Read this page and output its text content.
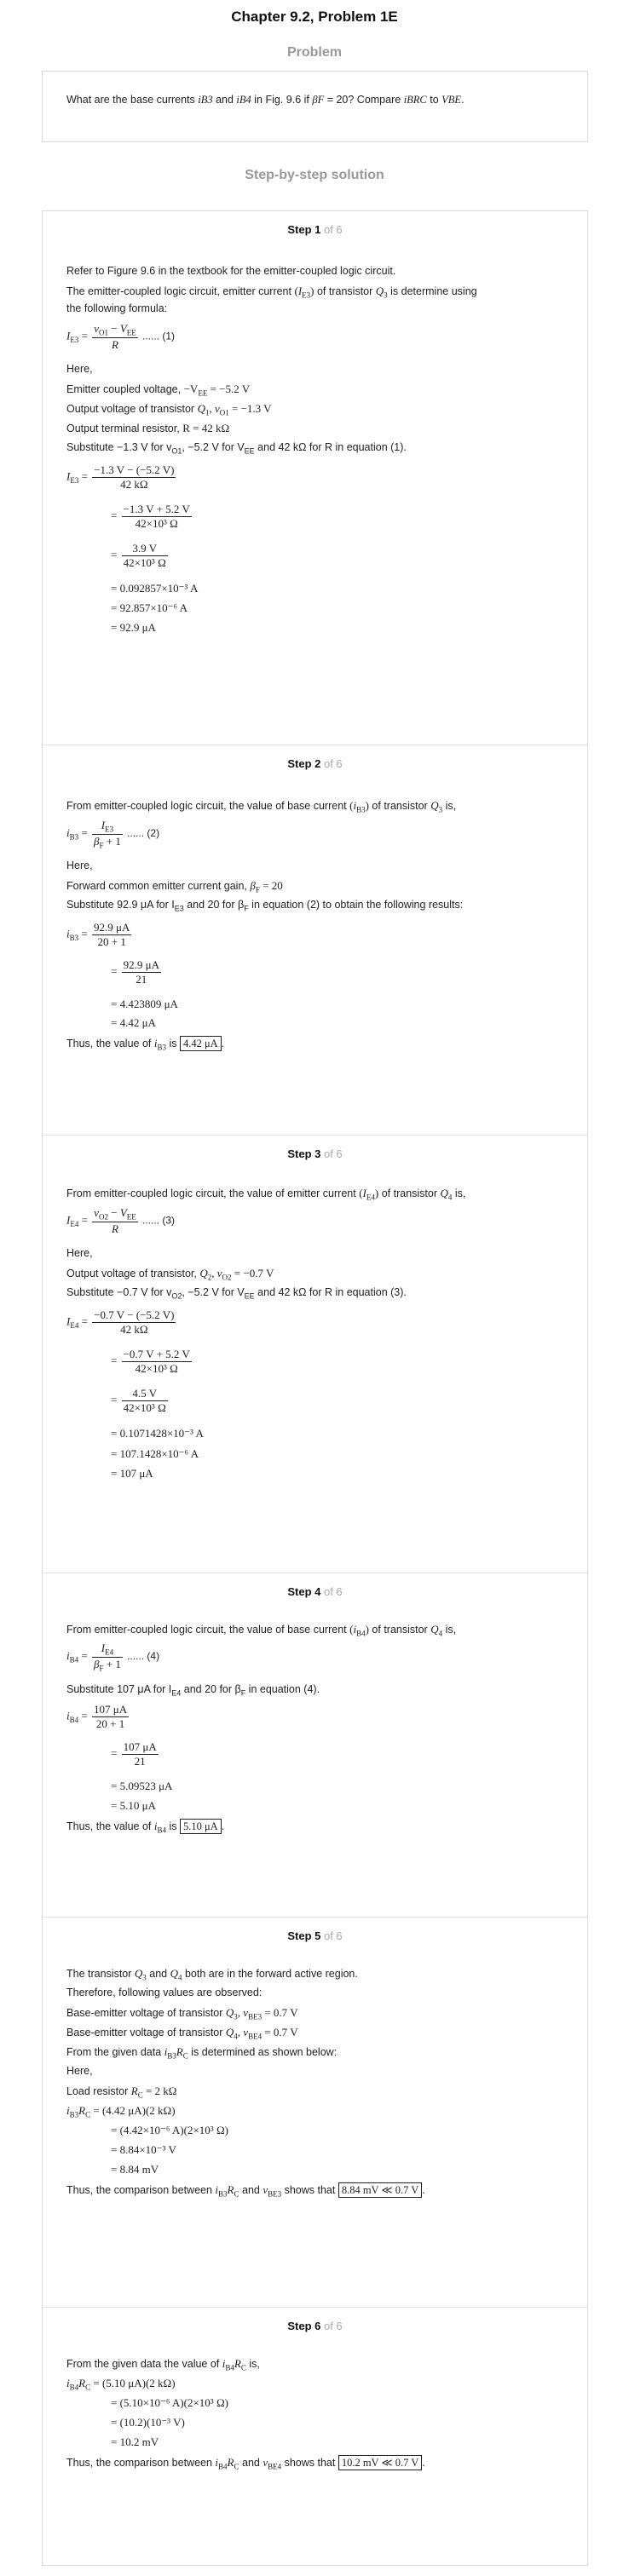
Chapter 9.2, Problem 1E
Problem
What are the base currents iB3 and iB4 in Fig. 9.6 if βF = 20? Compare iBRC to VBE.
Step-by-step solution
Step 1 of 6
Refer to Figure 9.6 in the textbook for the emitter-coupled logic circuit.
The emitter-coupled logic circuit, emitter current $(I_{E3})$ of transistor $Q_3$ is determine using
the following formula:
$I_{E3} = \frac{v_{O1} - V_{EE}}{R}$ ...... (1)
Here,
Emitter coupled voltage, $-V_{EE} = -5.2$ V
Output voltage of transistor $Q_1$, $v_{O1} = -1.3$ V
Output terminal resistor, R = 42 kΩ
Substitute −1.3 V for $v_{O1}$, −5.2 V for $V_{EE}$ and 42 kΩ for R in equation (1).
$I_{E3} = \frac{-1.3 V - (-5.2 V)}{42 k\Omega}$
= $\frac{-1.3 V + 5.2 V}{\text{42×10³ Ω}}$
= $\frac{3.9 V}{\text{42×10³ Ω}}$
= 0.092857×10⁻³ A
= 92.857×10⁻⁶ A
= 92.9 μA
Step 2 of 6
From emitter-coupled logic circuit, the value of base current $(i_{B3})$ of transistor $Q_3$ is,
$i_{B3} = \frac{I_{E3}}{\beta_F + 1}$ ...... (2)
Here,
Forward common emitter current gain, $\beta_F = 20$
Substitute 92.9 μA for $I_{E3}$ and 20 for $\beta_F$ in equation (2) to obtain the following results:
$i_{B3} = \frac{92.9 \mu A}{20 + 1}$
= $\frac{92.9 \mu A}{21}$
= 4.423809 μA
= 4.42 μA
Thus, the value of $i_{B3}$ is 4.42 μA .
Step 3 of 6
From emitter-coupled logic circuit, the value of emitter current $(I_{E4})$ of transistor $Q_4$ is,
$I_{E4} = \frac{v_{O2} - V_{EE}}{R}$ ...... (3)
Here,
Output voltage of transistor, $Q_2$, $v_{O2} = -0.7$ V
Substitute −0.7 V for $v_{O2}$, −5.2 V for $V_{EE}$ and 42 kΩ for R in equation (3).
$I_{E4} = \frac{-0.7 V - (-5.2 V)}{42 k\Omega}$
= $\frac{-0.7 V + 5.2 V}{\text{42×10³ Ω}}$
= $\frac{4.5 V}{\text{42×10³ Ω}}$
= 0.1071428×10⁻³ A
= 107.1428×10⁻⁶ A
= 107 μA
Step 4 of 6
From emitter-coupled logic circuit, the value of base current $(i_{B4})$ of transistor $Q_4$ is,
$i_{B4} = \frac{I_{E4}}{\beta_F + 1}$ ...... (4)
Substitute 107 μA for $I_{E4}$ and 20 for $\beta_F$ in equation (4).
$i_{B4} = \frac{107 \mu A}{20 + 1}$
= $\frac{107 \mu A}{21}$
= 5.09523 μA
= 5.10 μA
Thus, the value of $i_{B4}$ is 5.10 μA .
Step 5 of 6
The transistor $Q_3$ and $Q_4$ both are in the forward active region.
Therefore, following values are observed:
Base-emitter voltage of transistor $Q_3$, $v_{BE3} = 0.7$ V
Base-emitter voltage of transistor $Q_4$, $v_{BE4} = 0.7$ V
From the given data $i_{B3}R_C$ is determined as shown below:
Here,
Load resistor $R_C = 2$ kΩ
$i_{B3}R_C = (4.42$ μA)(2 kΩ)
= (4.42×10⁻⁶ A)(2×10³ Ω)
= 8.84×10⁻³ V
= 8.84 mV
Thus, the comparison between $i_{B3}R_C$ and $v_{BE3}$ shows that 8.84 mV ≪ 0.7 V .
Step 6 of 6
From the given data the value of $i_{B4}R_C$ is,
$i_{B4}R_C = (5.10$ μA)(2 kΩ)
= (5.10×10⁻⁶ A)(2×10³ Ω)
= (10.2)(10⁻³ V)
= 10.2 mV
Thus, the comparison between $i_{B4}R_C$ and $v_{BE4}$ shows that 10.2 mV ≪ 0.7 V .
